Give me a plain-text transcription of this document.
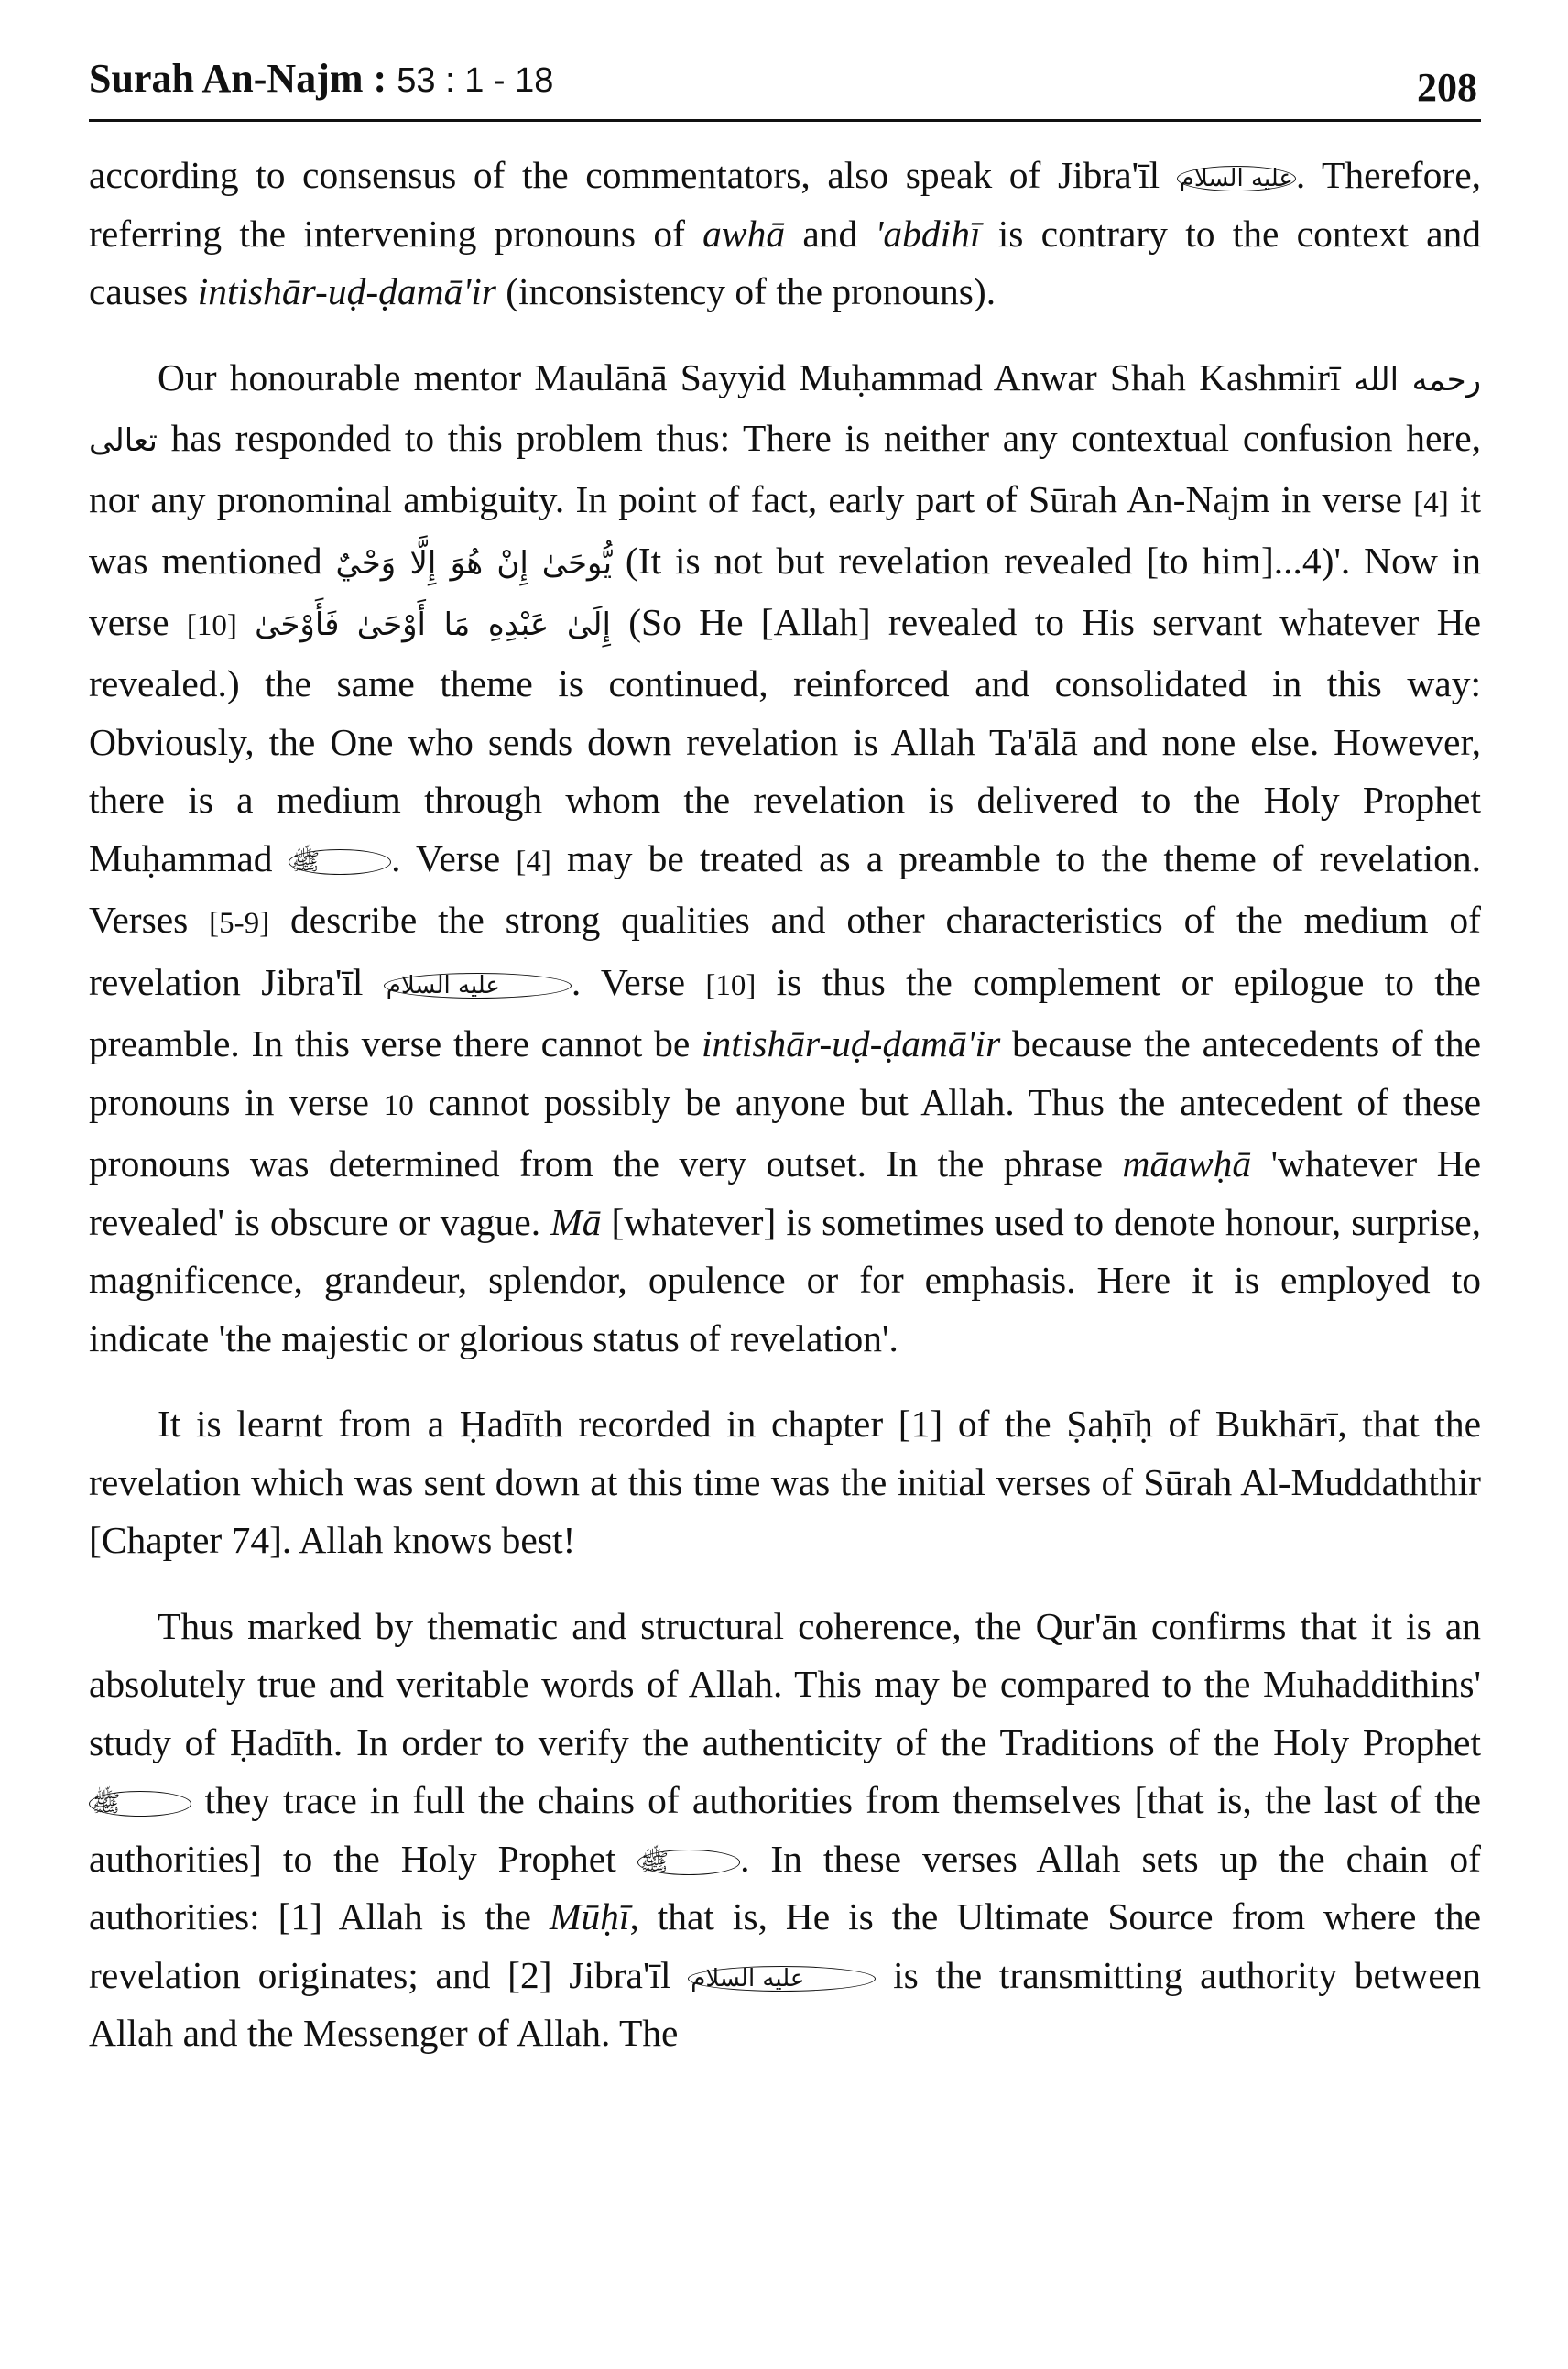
Surah An-Najm : 53 : 1 - 18	208

according to consensus of the commentators, also speak of Jibra'īl عليه السلام. Therefore, referring the intervening pronouns of awhā and 'abdihī is contrary to the context and causes intishār-uḍ-ḍamā'ir (inconsistency of the pronouns).

Our honourable mentor Maulānā Sayyid Muḥammad Anwar Shah Kashmirī رحمه الله تعالى has responded to this problem thus: There is neither any contextual confusion here, nor any pronominal ambiguity. In point of fact, early part of Sūrah An-Najm in verse [4] it was mentioned إِنْ هُوَ إِلَّا وَحْيٌ يُّوحَىٰ (It is not but revelation revealed [to him]...4)'. Now in verse [10] فَأَوْحَىٰ إِلَىٰ عَبْدِهِ مَا أَوْحَىٰ (So He [Allah] revealed to His servant whatever He revealed.) the same theme is continued, reinforced and consolidated in this way: Obviously, the One who sends down revelation is Allah Ta'ālā and none else. However, there is a medium through whom the revelation is delivered to the Holy Prophet Muḥammad ﷺ . Verse [4] may be treated as a preamble to the theme of revelation. Verses [5-9] describe the strong qualities and other characteristics of the medium of revelation Jibra'īl عليه السلام . Verse [10] is thus the complement or epilogue to the preamble. In this verse there cannot be intishār-uḍ-ḍamā'ir because the antecedents of the pronouns in verse 10 cannot possibly be anyone but Allah. Thus the antecedent of these pronouns was determined from the very outset. In the phrase māawḥā 'whatever He revealed' is obscure or vague. Mā [whatever] is sometimes used to denote honour, surprise, magnificence, grandeur, splendor, opulence or for emphasis. Here it is employed to indicate 'the majestic or glorious status of revelation'.

It is learnt from a Ḥadīth recorded in chapter [1] of the Ṣaḥīḥ of Bukhārī, that the revelation which was sent down at this time was the initial verses of Sūrah Al-Muddaththir [Chapter 74]. Allah knows best!

Thus marked by thematic and structural coherence, the Qur'ān confirms that it is an absolutely true and veritable words of Allah. This may be compared to the Muhaddithins' study of Ḥadīth. In order to verify the authenticity of the Traditions of the Holy Prophet ﷺ they trace in full the chains of authorities from themselves [that is, the last of the authorities] to the Holy Prophet ﷺ . In these verses Allah sets up the chain of authorities: [1] Allah is the Mūḥī, that is, He is the Ultimate Source from where the revelation originates; and [2] Jibra'īl عليه السلام is the transmitting authority between Allah and the Messenger of Allah. The
